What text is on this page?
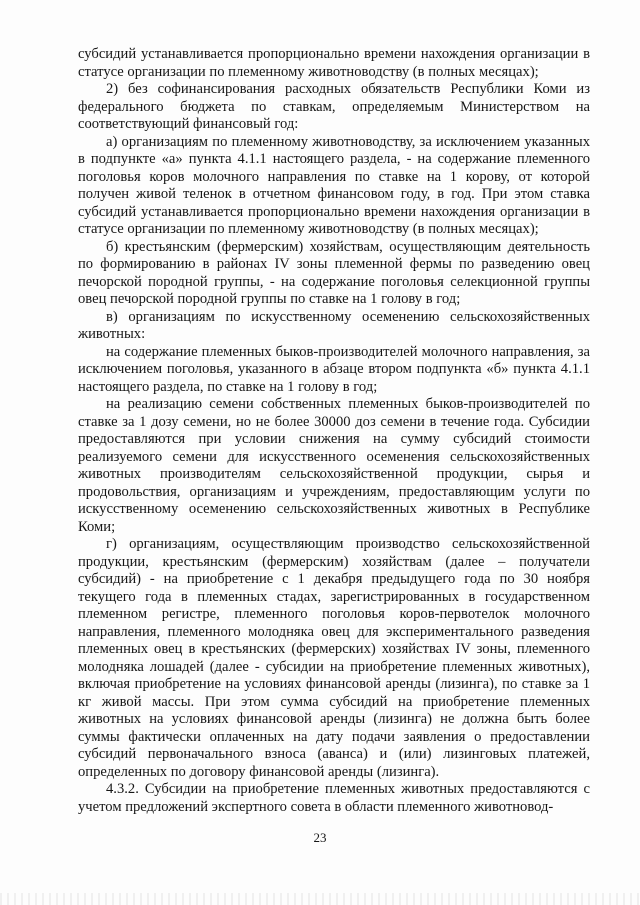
субсидий устанавливается пропорционально времени нахождения организации в статусе организации по племенному животноводству (в полных месяцах);

2) без софинансирования расходных обязательств Республики Коми из федерального бюджета по ставкам, определяемым Министерством на соответствующий финансовый год:

а) организациям по племенному животноводству, за исключением указанных в подпункте «а» пункта 4.1.1 настоящего раздела, - на содержание племенного поголовья коров молочного направления по ставке на 1 корову, от которой получен живой теленок в отчетном финансовом году, в год. При этом ставка субсидий устанавливается пропорционально времени нахождения организации в статусе организации по племенному животноводству (в полных месяцах);

б) крестьянским (фермерским) хозяйствам, осуществляющим деятельность по формированию в районах IV зоны племенной фермы по разведению овец печорской породной группы, - на содержание поголовья селекционной группы овец печорской породной группы по ставке на 1 голову в год;

в) организациям по искусственному осеменению сельскохозяйственных животных:

на содержание племенных быков-производителей молочного направления, за исключением поголовья, указанного в абзаце втором подпункта «б» пункта 4.1.1 настоящего раздела, по ставке на 1 голову в год;

на реализацию семени собственных племенных быков-производителей по ставке за 1 дозу семени, но не более 30000 доз семени в течение года. Субсидии предоставляются при условии снижения на сумму субсидий стоимости реализуемого семени для искусственного осеменения сельскохозяйственных животных производителям сельскохозяйственной продукции, сырья и продовольствия, организациям и учреждениям, предоставляющим услуги по искусственному осеменению сельскохозяйственных животных в Республике Коми;

г) организациям, осуществляющим производство сельскохозяйственной продукции, крестьянским (фермерским) хозяйствам (далее – получатели субсидий) - на приобретение с 1 декабря предыдущего года по 30 ноября текущего года в племенных стадах, зарегистрированных в государственном племенном регистре, племенного поголовья коров-первотелок молочного направления, племенного молодняка овец для экспериментального разведения племенных овец в крестьянских (фермерских) хозяйствах IV зоны, племенного молодняка лошадей (далее - субсидии на приобретение племенных животных), включая приобретение на условиях финансовой аренды (лизинга), по ставке за 1 кг живой массы. При этом сумма субсидий на приобретение племенных животных на условиях финансовой аренды (лизинга) не должна быть более суммы фактически оплаченных на дату подачи заявления о предоставлении субсидий первоначального взноса (аванса) и (или) лизинговых платежей, определенных по договору финансовой аренды (лизинга).

4.3.2. Субсидии на приобретение племенных животных предоставляются с учетом предложений экспертного совета в области племенного животновод-

23
